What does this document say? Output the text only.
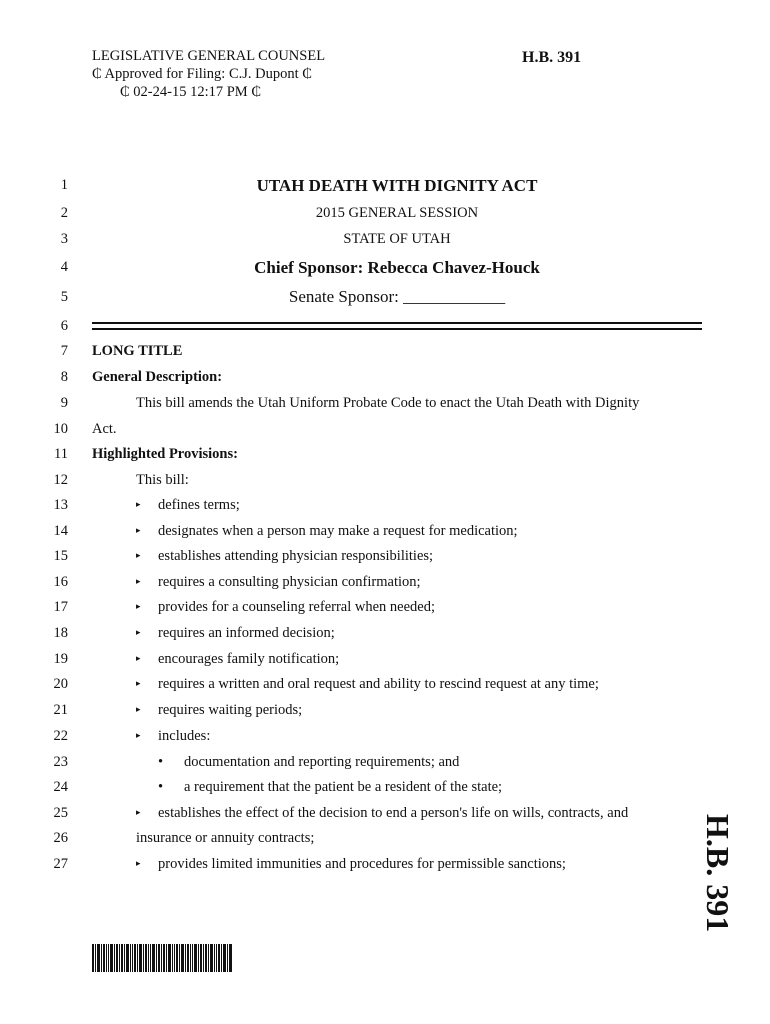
LEGISLATIVE GENERAL COUNSEL
₵ Approved for Filing: C.J. Dupont ₵
₵ 02-24-15 12:17 PM ₵
H.B. 391
1
2
3
4
5
6
7
8
9
10
11
12
13
14
15
16
17
18
19
20
21
22
23
24
25
26
27
UTAH DEATH WITH DIGNITY ACT
2015 GENERAL SESSION
STATE OF UTAH
Chief Sponsor: Rebecca Chavez-Houck
Senate Sponsor: ____________
LONG TITLE
General Description:
This bill amends the Utah Uniform Probate Code to enact the Utah Death with Dignity
Act.
Highlighted Provisions:
This bill:
▸ defines terms;
▸ designates when a person may make a request for medication;
▸ establishes attending physician responsibilities;
▸ requires a consulting physician confirmation;
▸ provides for a counseling referral when needed;
▸ requires an informed decision;
▸ encourages family notification;
▸ requires a written and oral request and ability to rescind request at any time;
▸ requires waiting periods;
▸ includes:
• documentation and reporting requirements; and
• a requirement that the patient be a resident of the state;
▸ establishes the effect of the decision to end a person's life on wills, contracts, and
insurance or annuity contracts;
▸ provides limited immunities and procedures for permissible sanctions;	H.B. 391
